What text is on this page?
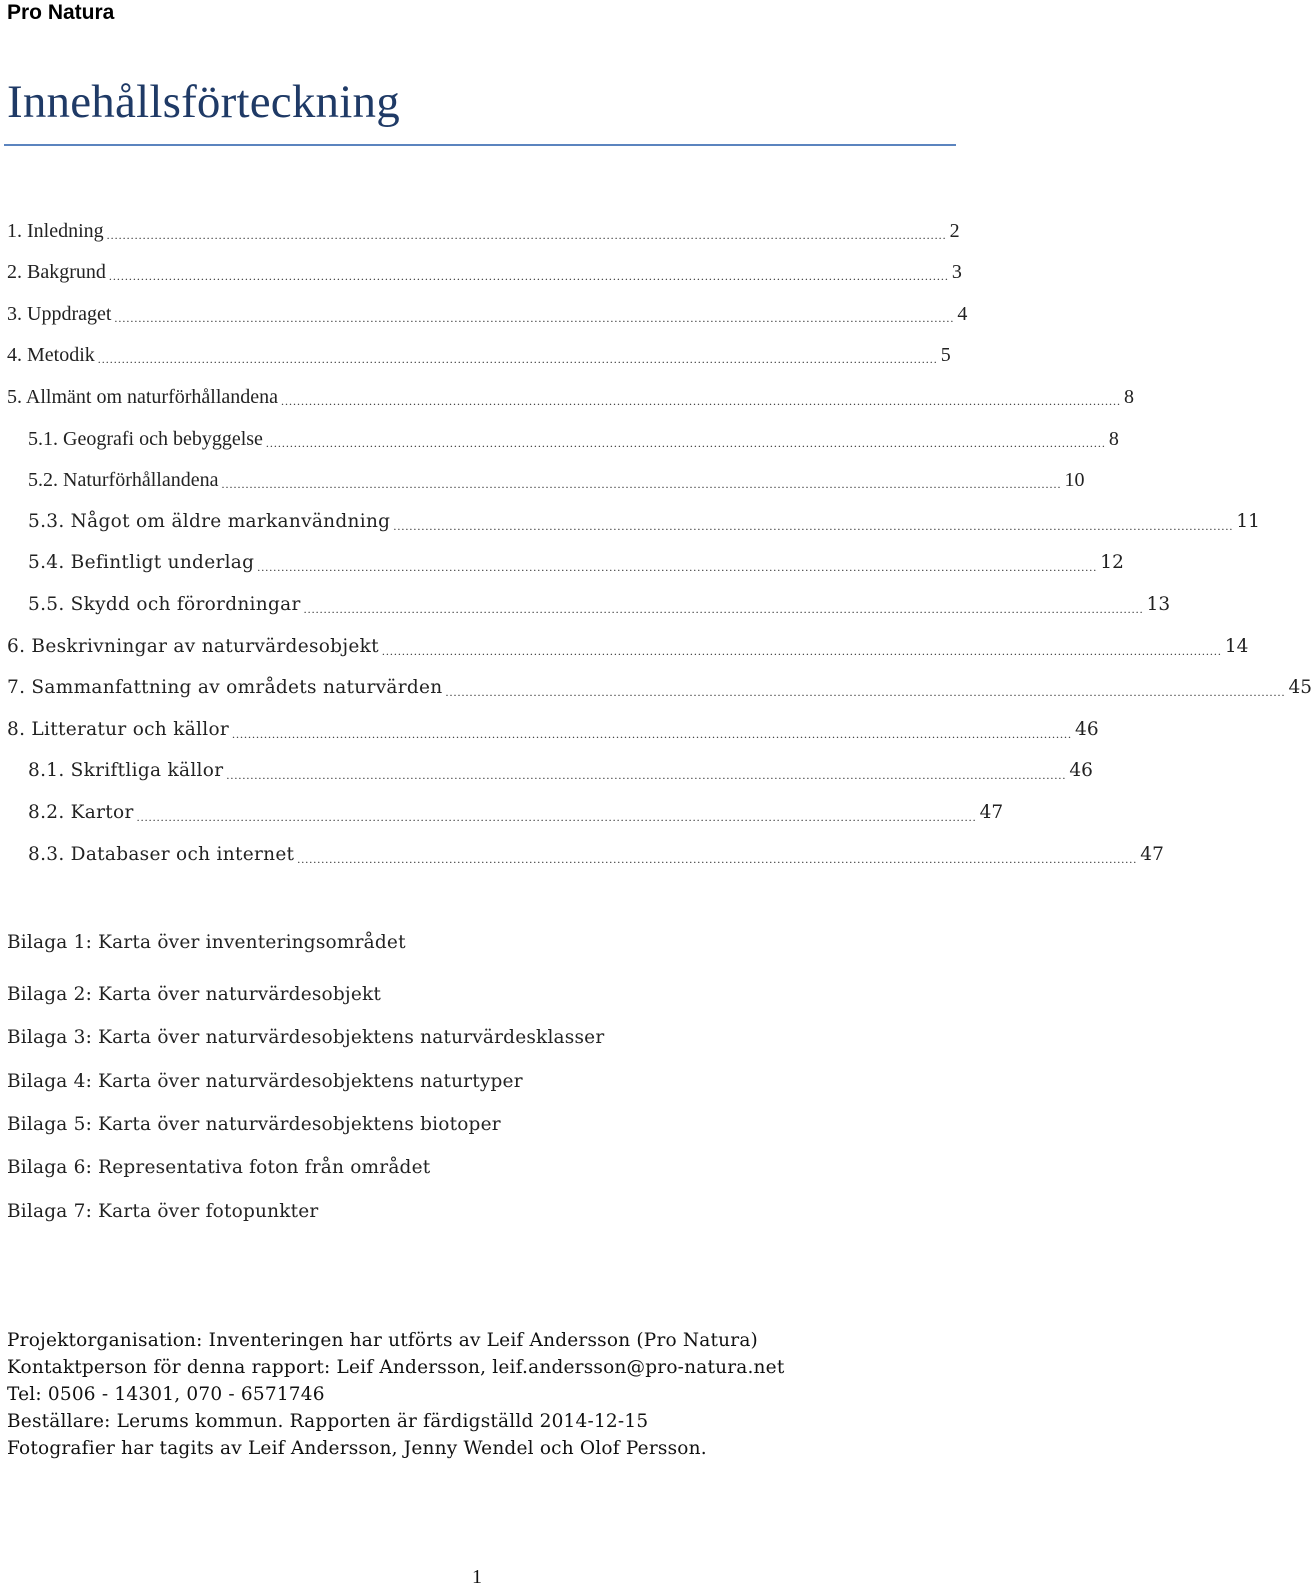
Pro Natura
Innehållsförteckning
1. Inledning .................................................................................................................................................................................................................. 2
2. Bakgrund .................................................................................................................................................................................................................. 3
3. Uppdraget .................................................................................................................................................................................................................. 4
4. Metodik .................................................................................................................................................................................................................. 5
5. Allmänt om naturförhållandena .................................................................................................................................................................................................................. 8
5.1. Geografi och bebyggelse .................................................................................................................................................................................................................. 8
5.2. Naturförhållandena .................................................................................................................................................................................................................. 10
5.3. Något om äldre markanvändning .................................................................................................................................................................................................................. 11
5.4. Befintligt underlag .................................................................................................................................................................................................................. 12
5.5. Skydd och förordningar .................................................................................................................................................................................................................. 13
6. Beskrivningar av naturvärdesobjekt .................................................................................................................................................................................................................. 14
7. Sammanfattning av områdets naturvärden .................................................................................................................................................................................................................. 45
8. Litteratur och källor .................................................................................................................................................................................................................. 46
8.1. Skriftliga källor .................................................................................................................................................................................................................. 46
8.2. Kartor .................................................................................................................................................................................................................. 47
8.3. Databaser och internet .................................................................................................................................................................................................................. 47
Bilaga 1: Karta över inventeringsområdet
Bilaga 2: Karta över naturvärdesobjekt
Bilaga 3: Karta över naturvärdesobjektens naturvärdesklasser
Bilaga 4: Karta över naturvärdesobjektens naturtyper
Bilaga 5: Karta över naturvärdesobjektens biotoper
Bilaga 6: Representativa foton från området
Bilaga 7: Karta över fotopunkter
Projektorganisation: Inventeringen har utförts av Leif Andersson (Pro Natura)
Kontaktperson för denna rapport: Leif Andersson, leif.andersson@pro-natura.net
Tel: 0506 - 14301, 070 - 6571746
Beställare: Lerums kommun. Rapporten är färdigställd 2014-12-15
Fotografier har tagits av Leif Andersson, Jenny Wendel och Olof Persson.
1
